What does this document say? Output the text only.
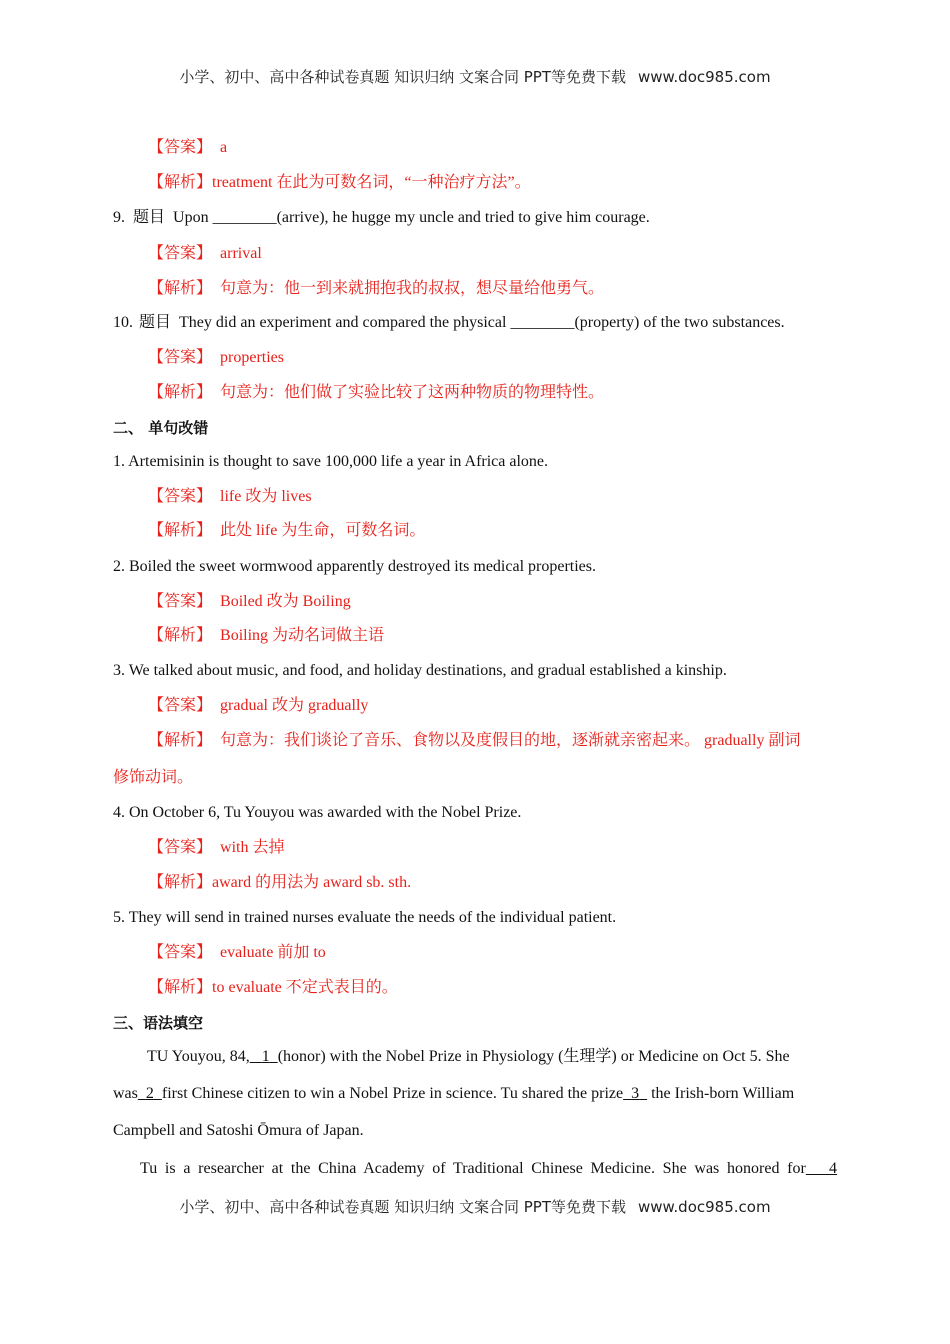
小学、初中、高中各种试卷真题 知识归纳 文案合同 PPT等免费下载 www.doc985.com
【答案】 a
【解析】treatment 在此为可数名词，“一种治疗方法”。
9. 题目 Upon ________(arrive), he hugge my uncle and tried to give him courage.
【答案】 arrival
【解析】 句意为：他一到来就拥抱我的叔叔，想尽量给他勇气。
10. 题目 They did an experiment and compared the physical ________(property) of the two substances.
【答案】 properties
【解析】 句意为：他们做了实验比较了这两种物质的物理特性。
二、 单句改错
1. Artemisinin is thought to save 100,000 life a year in Africa alone.
【答案】 life 改为 lives
【解析】 此处 life 为生命，可数名词。
2. Boiled the sweet wormwood apparently destroyed its medical properties.
【答案】 Boiled 改为 Boiling
【解析】 Boiling 为动名词做主语
3. We talked about music, and food, and holiday destinations, and gradual established a kinship.
【答案】 gradual 改为 gradually
【解析】 句意为：我们谈论了音乐、食物以及度假目的地，逐渐就亲密起来。 gradually 副词
修饰动词。
4. On October 6, Tu Youyou was awarded with the Nobel Prize.
【答案】 with 去掉
【解析】award 的用法为 award sb. sth.
5. They will send in trained nurses evaluate the needs of the individual patient.
【答案】 evaluate 前加 to
【解析】to evaluate 不定式表目的。
三、语法填空
TU Youyou, 84, 1 (honor) with the Nobel Prize in Physiology (生理学) or Medicine on Oct 5. She
was 2 first Chinese citizen to win a Nobel Prize in science. Tu shared the prize 3 the Irish-born William
Campbell and Satoshi Ōmura of Japan.
Tu is a researcher at the China Academy of Traditional Chinese Medicine. She was honored for 4
小学、初中、高中各种试卷真题 知识归纳 文案合同 PPT等免费下载 www.doc985.com
